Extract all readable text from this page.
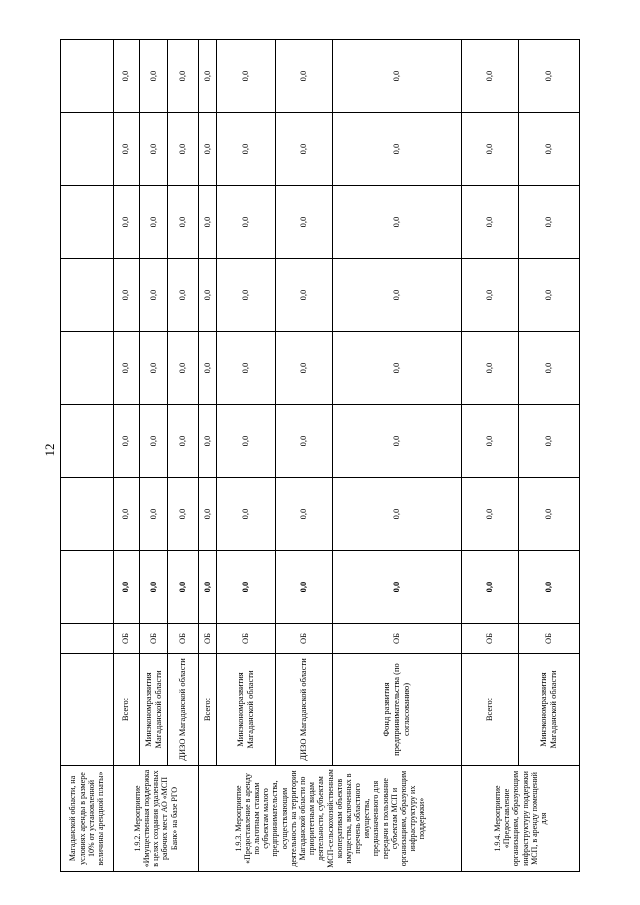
12
Магаданской области, на условиях аренды в размере 10% от установленной величины арендной платы»										
1.9.2. Мероприятие «Имущественная поддержка в целях создания удаленных рабочих мест АО «МСП Банк» на базе РГО	Всего:	ОБ	0,0	0,0	0,0	0,0	0,0	0,0	0,0	0,0
	Минэкономразвития Магаданской области	ОБ	0,0	0,0	0,0	0,0	0,0	0,0	0,0	0,0
	ДИЗО Магаданской области	ОБ	0,0	0,0	0,0	0,0	0,0	0,0	0,0	0,0
1.9.3. Мероприятие «Предоставление в аренду по льготным ставкам субъектам малого предпринимательства, осуществляющим деятельность на территории Магаданской области по приоритетным видам деятельности, субъектам МСП-сельскохозяйственным кооперативам объектов имущества, включенных в перечень областного имущества, предназначенного для передачи в пользование субъектам МСП и организациям, образующим инфраструктуру их поддержки»	Всего:	ОБ	0,0	0,0	0,0	0,0	0,0	0,0	0,0	0,0
	Минэкономразвития Магаданской области	ОБ	0,0	0,0	0,0	0,0	0,0	0,0	0,0	0,0
	ДИЗО Магаданской области	ОБ	0,0	0,0	0,0	0,0	0,0	0,0	0,0	0,0
	Фонд развития предпринимательства (по согласованию)	ОБ	0,0	0,0	0,0	0,0	0,0	0,0	0,0	0,0
1.9.4. Мероприятие «Предоставление организациям, образующим инфраструктуру поддержки МСП, в аренду помещений для	Всего:	ОБ	0,0	0,0	0,0	0,0	0,0	0,0	0,0	0,0
	Минэкономразвития Магаданской области	ОБ	0,0	0,0	0,0	0,0	0,0	0,0	0,0	0,0
